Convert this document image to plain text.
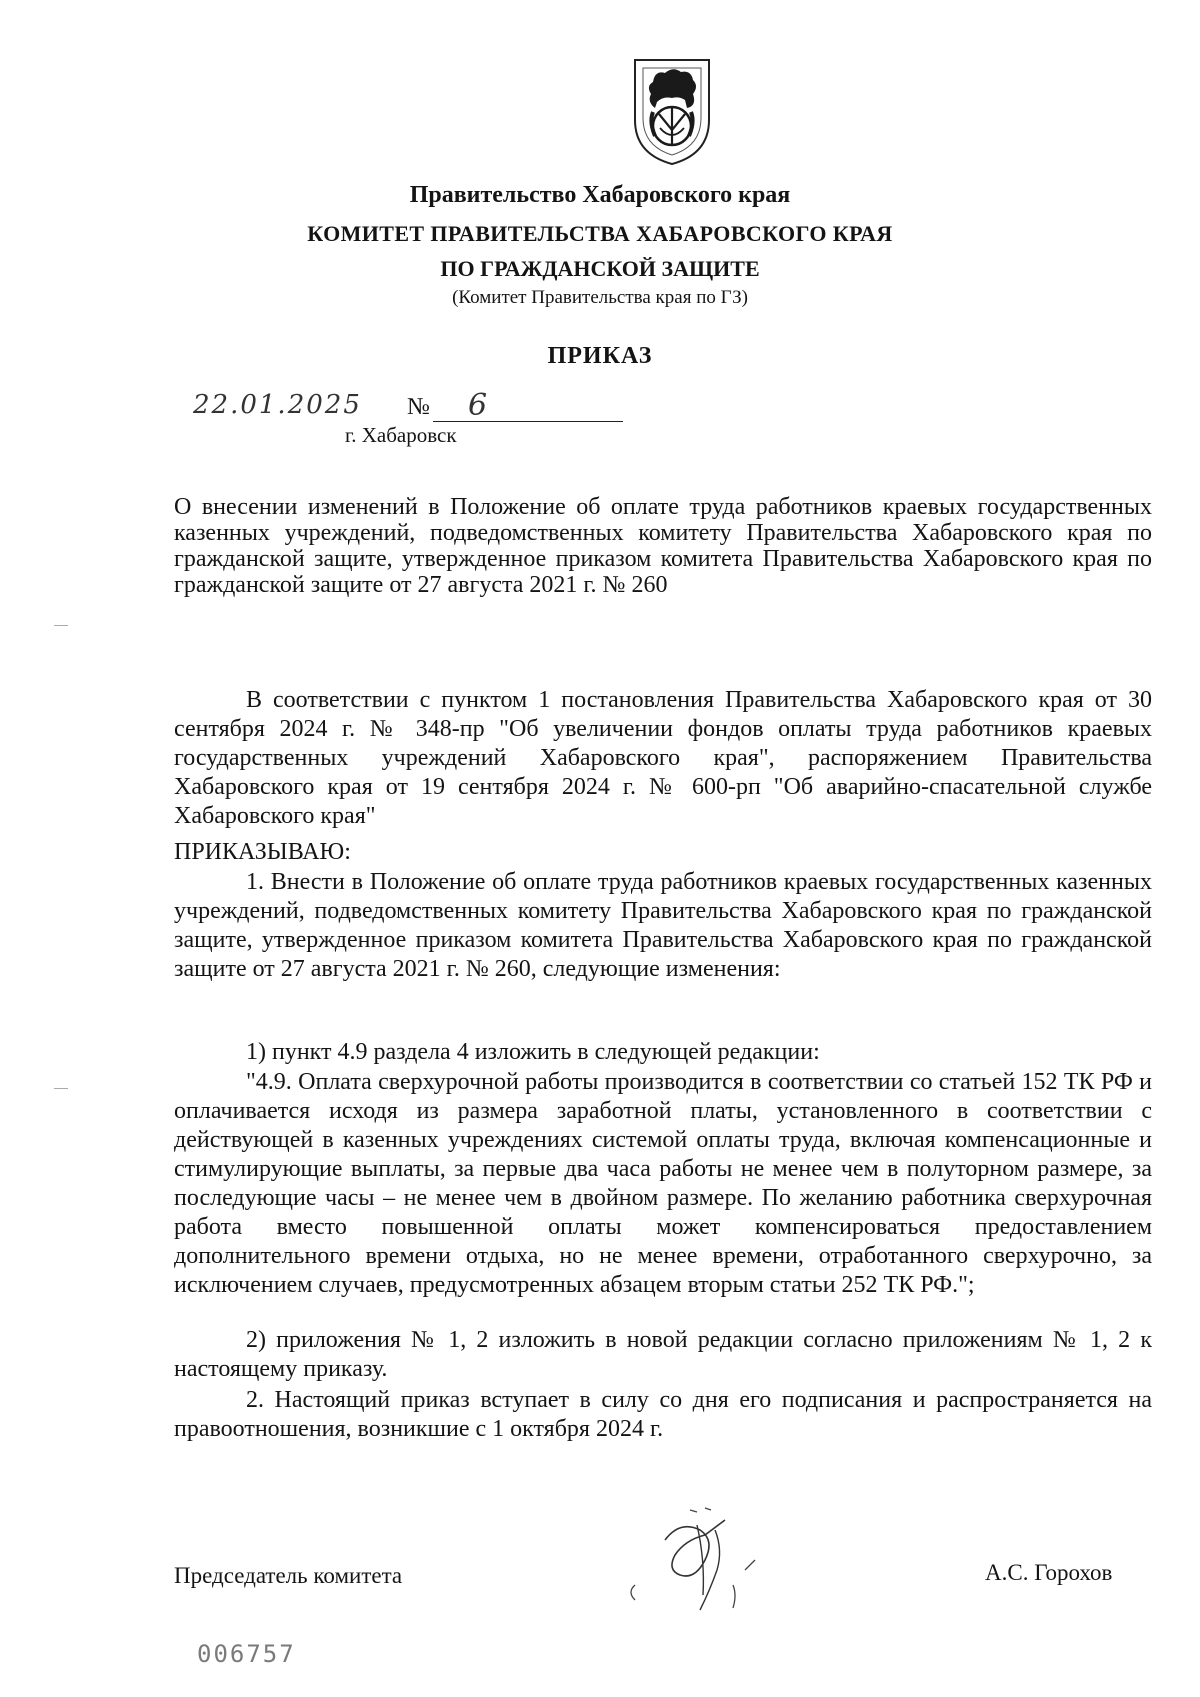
Правительство Хабаровского края
КОМИТЕТ ПРАВИТЕЛЬСТВА ХАБАРОВСКОГО КРАЯ
ПО ГРАЖДАНСКОЙ ЗАЩИТЕ
(Комитет Правительства края по ГЗ)
ПРИКАЗ
22.01.2025 № 6
г. Хабаровск
О внесении изменений в Положение об оплате труда работников краевых государственных казенных учреждений, подведомственных комитету Правительства Хабаровского края по гражданской защите, утвержденное приказом комитета Правительства Хабаровского края по гражданской защите от 27 августа 2021 г. № 260
В соответствии с пунктом 1 постановления Правительства Хабаровского края от 30 сентября 2024 г. № 348-пр "Об увеличении фондов оплаты труда работников краевых государственных учреждений Хабаровского края", распоряжением Правительства Хабаровского края от 19 сентября 2024 г. № 600-рп "Об аварийно-спасательной службе Хабаровского края"
ПРИКАЗЫВАЮ:
1. Внести в Положение об оплате труда работников краевых государственных казенных учреждений, подведомственных комитету Правительства Хабаровского края по гражданской защите, утвержденное приказом комитета Правительства Хабаровского края по гражданской защите от 27 августа 2021 г. № 260, следующие изменения:
1) пункт 4.9 раздела 4 изложить в следующей редакции:
"4.9. Оплата сверхурочной работы производится в соответствии со статьей 152 ТК РФ и оплачивается исходя из размера заработной платы, установленного в соответствии с действующей в казенных учреждениях системой оплаты труда, включая компенсационные и стимулирующие выплаты, за первые два часа работы не менее чем в полуторном размере, за последующие часы – не менее чем в двойном размере. По желанию работника сверхурочная работа вместо повышенной оплаты может компенсироваться предоставлением дополнительного времени отдыха, но не менее времени, отработанного сверхурочно, за исключением случаев, предусмотренных абзацем вторым статьи 252 ТК РФ.";
2) приложения № 1, 2 изложить в новой редакции согласно приложениям № 1, 2 к настоящему приказу.
2. Настоящий приказ вступает в силу со дня его подписания и распространяется на правоотношения, возникшие с 1 октября 2024 г.
Председатель комитета	А.С. Горохов
006757
